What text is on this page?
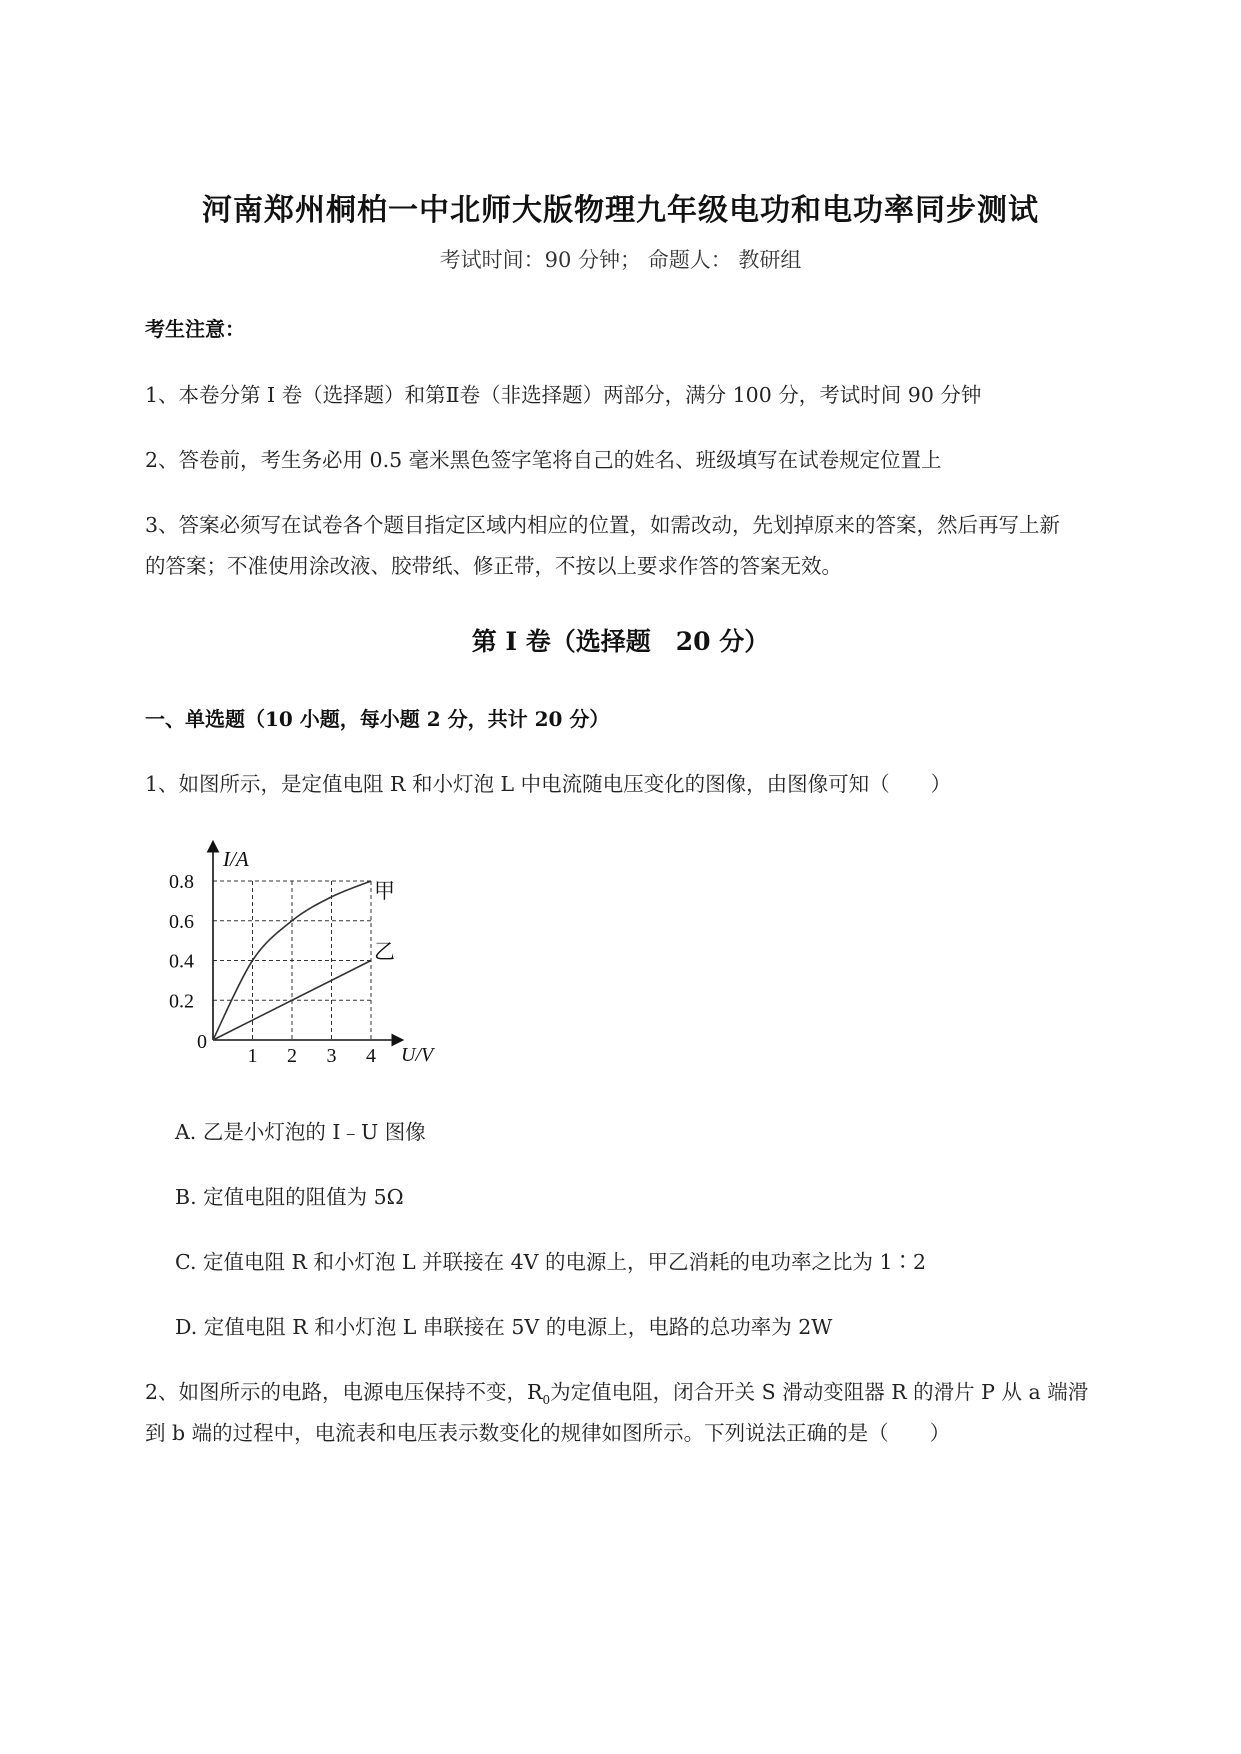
河南郑州桐柏一中北师大版物理九年级电功和电功率同步测试
考试时间：90 分钟； 命题人： 教研组
考生注意：
1、本卷分第 I 卷（选择题）和第Ⅱ卷（非选择题）两部分，满分 100 分，考试时间 90 分钟
2、答卷前，考生务必用 0.5 毫米黑色签字笔将自己的姓名、班级填写在试卷规定位置上
3、答案必须写在试卷各个题目指定区域内相应的位置，如需改动，先划掉原来的答案，然后再写上新
的答案；不准使用涂改液、胶带纸、修正带，不按以上要求作答的答案无效。
第 I 卷（选择题　20 分）
一、单选题（10 小题，每小题 2 分，共计 20 分）
1、如图所示，是定值电阻 R 和小灯泡 L 中电流随电压变化的图像，由图像可知（　　）
1 2 3 4
0.2
0.4
0.6
0.8	甲
乙
I/A
U/V
0
A. 乙是小灯泡的 I﹣U 图像
B. 定值电阻的阻值为 5Ω
C. 定值电阻 R 和小灯泡 L 并联接在 4V 的电源上，甲乙消耗的电功率之比为 1∶2
D. 定值电阻 R 和小灯泡 L 串联接在 5V 的电源上，电路的总功率为 2W
2、如图所示的电路，电源电压保持不变，$R_0$为定值电阻，闭合开关 S 滑动变阻器 R 的滑片 P 从 a 端滑
到 b 端的过程中，电流表和电压表示数变化的规律如图所示。下列说法正确的是（　　）
